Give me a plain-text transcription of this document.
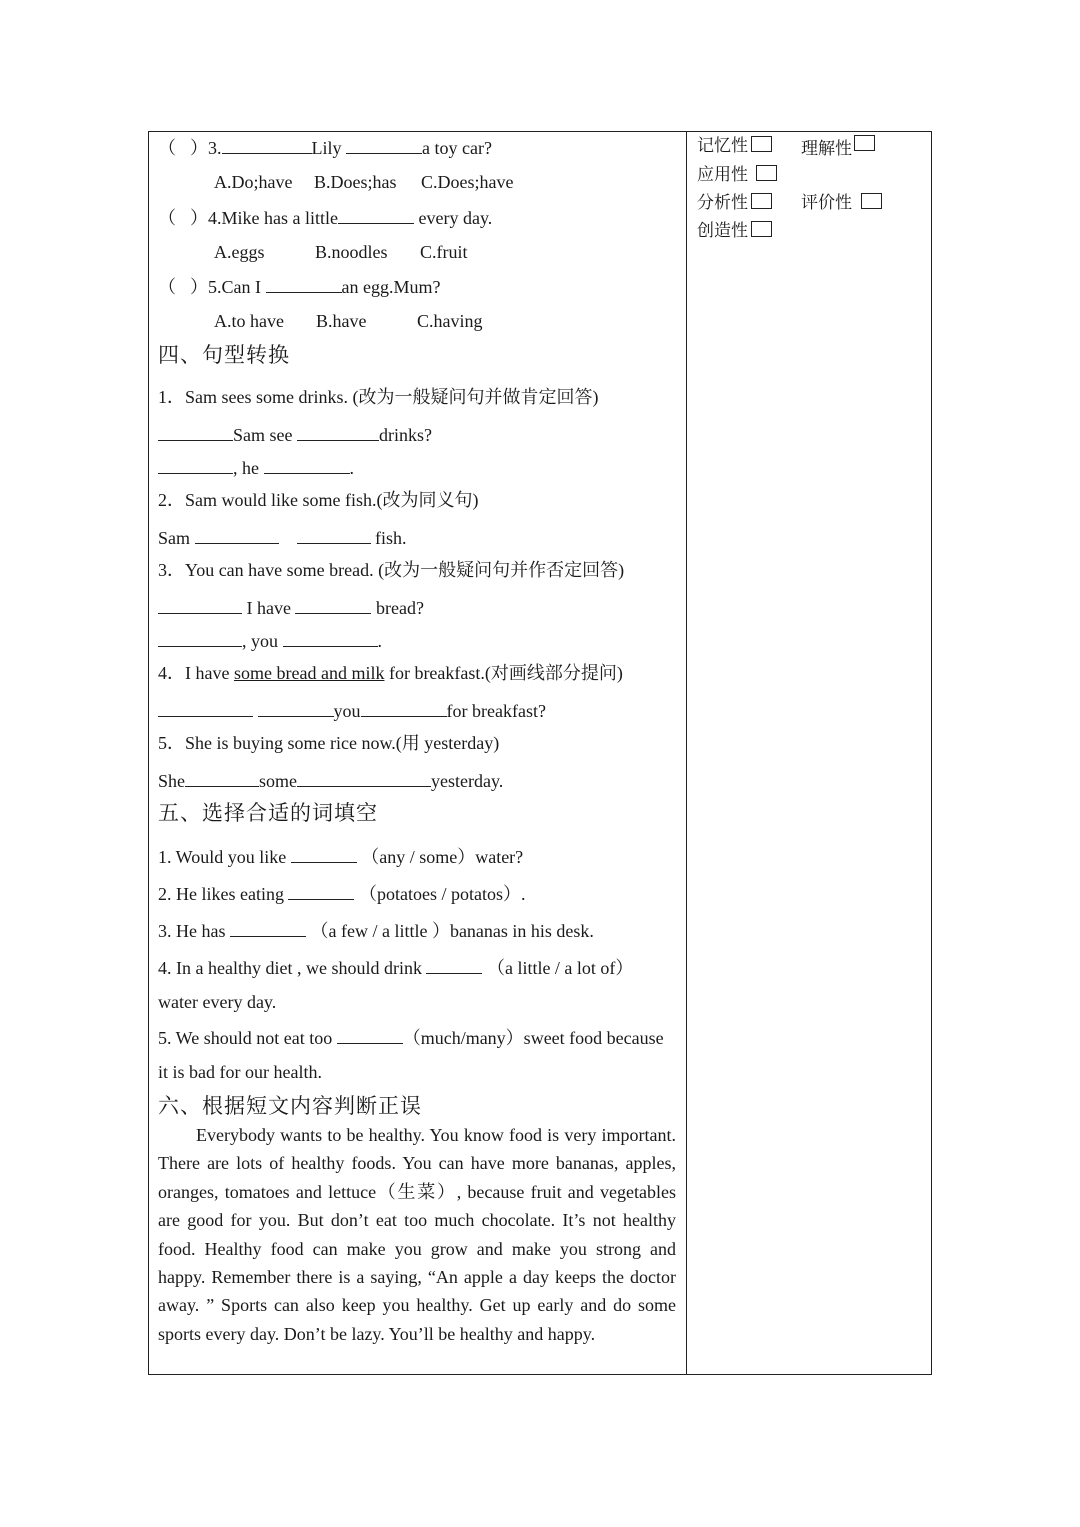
（ ）3.	Lily	a toy car?
A.Do;have B.Does;has C.Does;have
（ ）4.Mike has a little	every day.
A.eggs	B.noodles C.fruit
（ ）5.Can I	an egg.Mum?
A.to have B.have	C.having
四、句型转换
1．Sam sees some drinks. (改为一般疑问句并做肯定回答)
Sam see	drinks?
, he	.
2．Sam would like some fish.(改为同义句)
Sam	fish.
3．You can have some bread. (改为一般疑问句并作否定回答)
I have	bread?
, you	.
4．I have some bread and milk for breakfast.(对画线部分提问)
you	for breakfast?
5．She is buying some rice now.(用 yesterday)
She	some	yesterday.
五、选择合适的词填空
1. Would you like	（any / some）water?
2. He likes eating	（potatoes / potatos）.
3. He has	（a few / a little ）bananas in his desk.
4. In a healthy diet , we should drink	（a little / a lot of）
water every day.
5. We should not eat too	（much/many）sweet food because
it is bad for our health.
六、根据短文内容判断正误
Everybody wants to be healthy. You know food is very important. There are lots of healthy foods. You can have more bananas, apples, oranges, tomatoes and lettuce（生菜）, because fruit and vegetables are good for you. But don’t eat too much chocolate. It’s not healthy food. Healthy food can make you grow and make you strong and happy. Remember there is a saying, “An apple a day keeps the doctor away. ” Sports can also keep you healthy. Get up early and do some sports every day. Don’t be lazy. You’ll be healthy and happy.
记忆性	理解性
应用性
分析性	评价性
创造性
